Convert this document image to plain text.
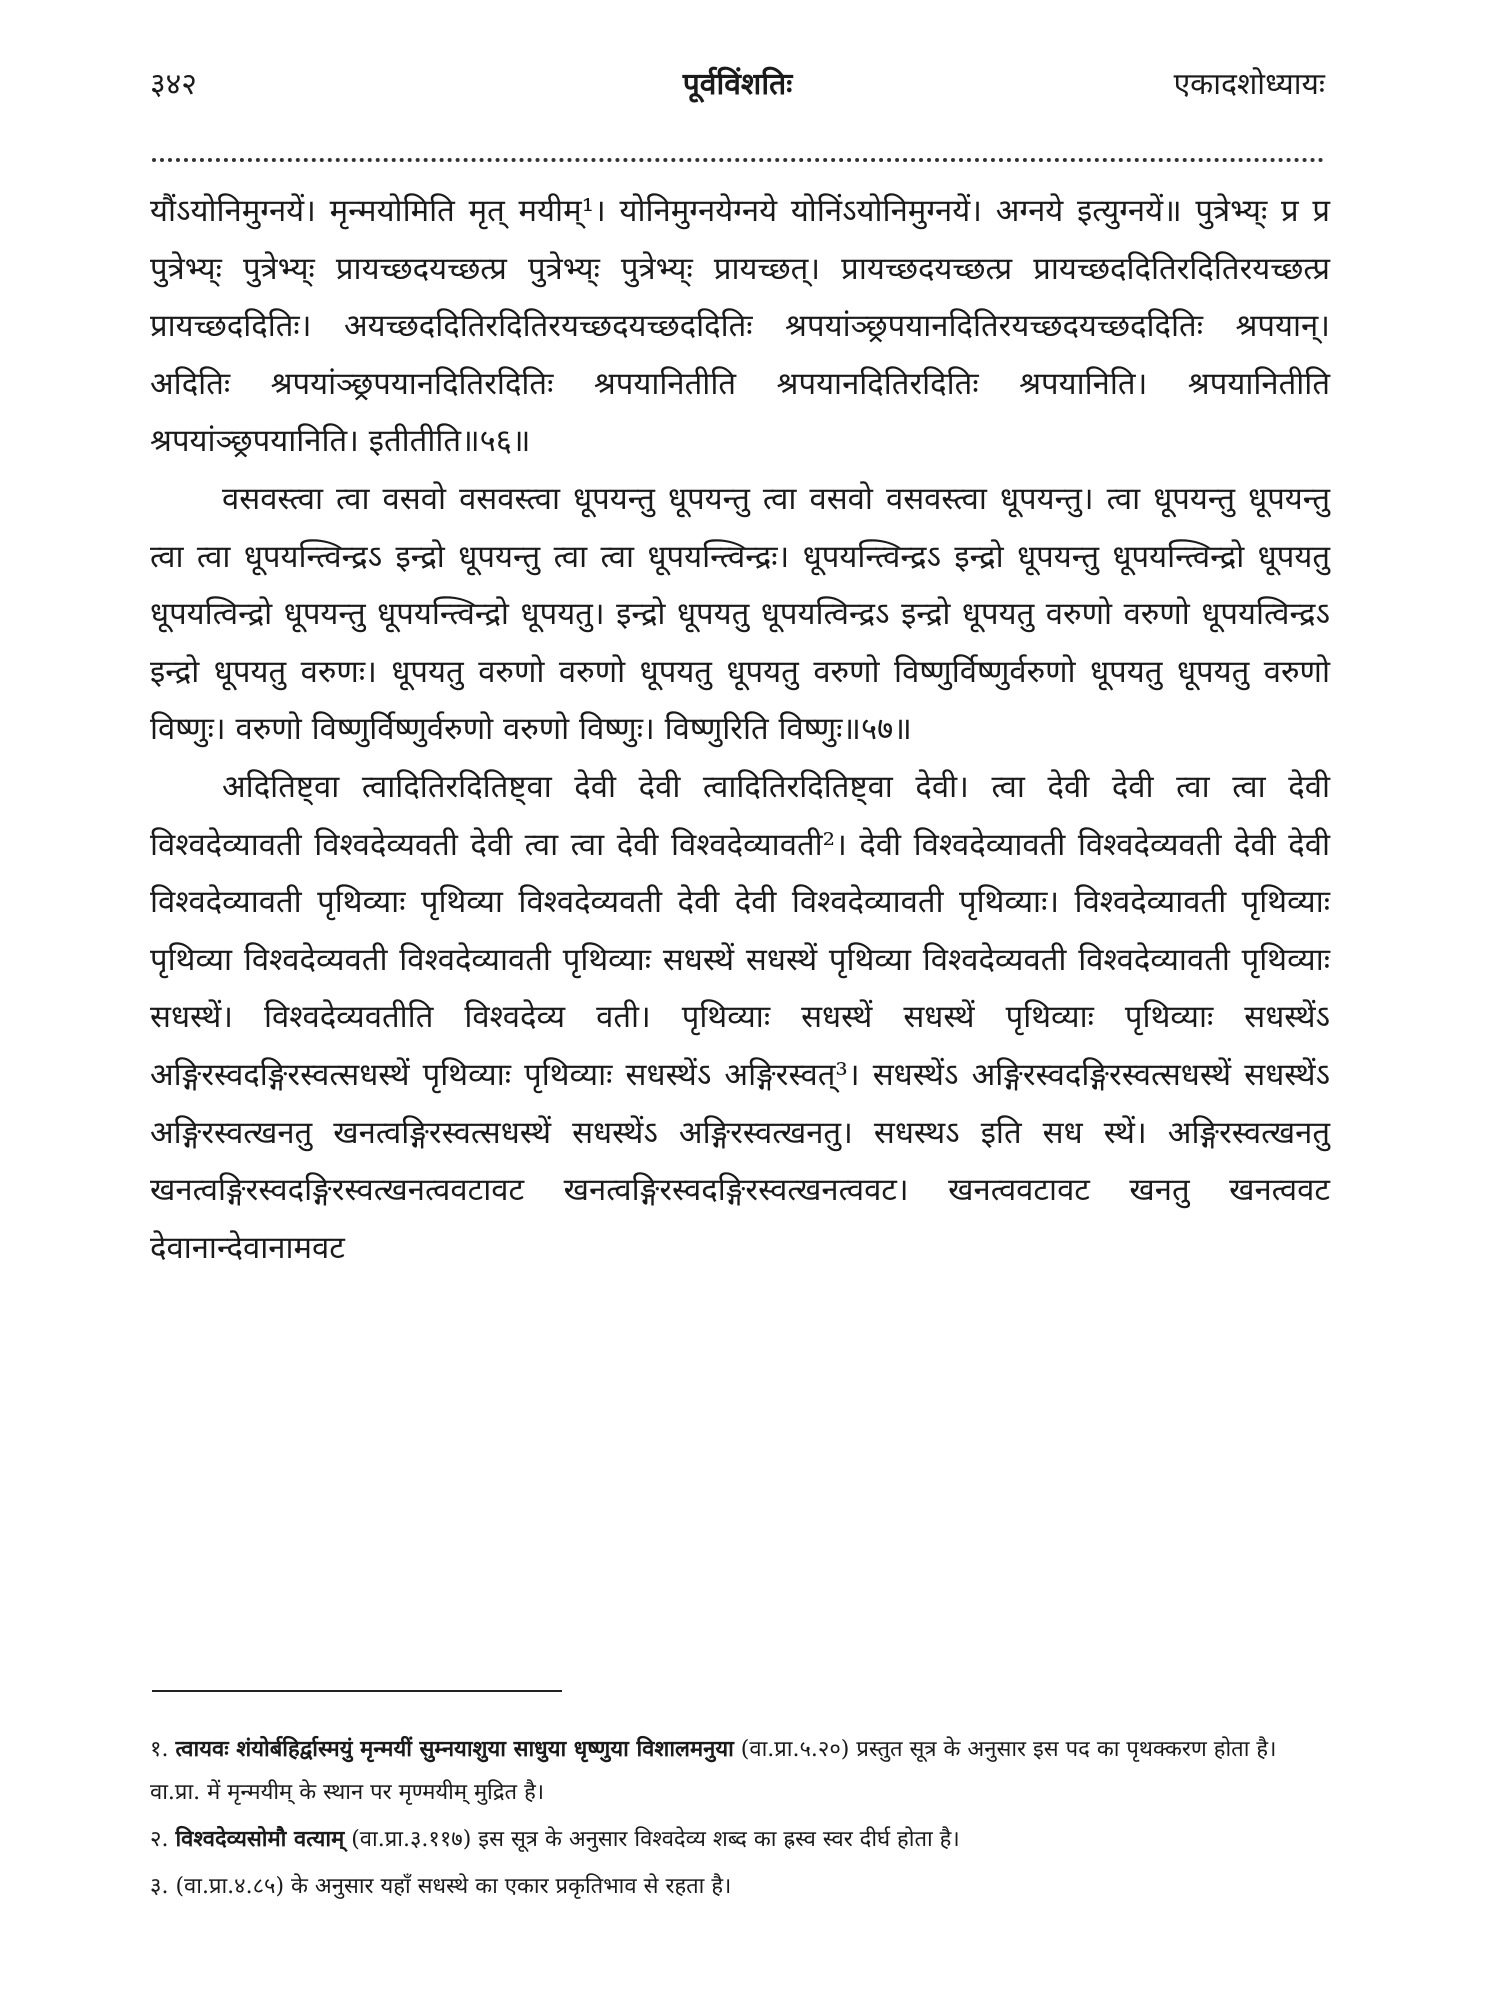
३४२	पूर्वविंशतिः	एकादशोध्यायः

यौंऽयोनिमुग्नयें। मृन्मयोमिति मृत् मयीम्¹। योनिमुग्नयेग्नये योनिंऽयोनिमुग्नयें। अग्नये इत्युग्नयें॥ पुत्रेभ्य्ः प्र प्र पुत्रेभ्य्ः पुत्रेभ्य्ः प्रायच्छदयच्छत्प्र पुत्रेभ्य्ः पुत्रेभ्य्ः प्रायच्छत्। प्रायच्छदयच्छत्प्र प्रायच्छददितिरदितिरयच्छत्प्र प्रायच्छददितिः। अयच्छददितिरदितिरयच्छदयच्छददितिः श्रपयांञ्छ्रपयानदितिरयच्छदयच्छददितिः श्रपयान्। अदितिः श्रपयांञ्छ्रपयानदितिरदितिः श्रपयानितीति श्रपयानदितिरदितिः श्रपयानिति। श्रपयानितीति श्रपयांञ्छ्रपयानिति। इतीतीति॥५६॥

वसवस्त्वा त्वा वसवो वसवस्त्वा धूपयन्तु धूपयन्तु त्वा वसवो वसवस्त्वा धूपयन्तु। त्वा धूपयन्तु धूपयन्तु त्वा त्वा धूपयन्त्विन्द्रऽ इन्द्रो धूपयन्तु त्वा त्वा धूपयन्त्विन्द्रः। धूपयन्त्विन्द्रऽ इन्द्रो धूपयन्तु धूपयन्त्विन्द्रो धूपयतु धूपयत्विन्द्रो धूपयन्तु धूपयन्त्विन्द्रो धूपयतु। इन्द्रो धूपयतु धूपयत्विन्द्रऽ इन्द्रो धूपयतु वरुणो वरुणो धूपयत्विन्द्रऽ इन्द्रो धूपयतु वरुणः। धूपयतु वरुणो वरुणो धूपयतु धूपयतु वरुणो विष्णुर्विष्णुर्वरुणो धूपयतु धूपयतु वरुणो विष्णुः। वरुणो विष्णुर्विष्णुर्वरुणो वरुणो विष्णुः। विष्णुरिति विष्णुः॥५७॥

अदितिष्ट्वा त्वादितिरदितिष्ट्वा देवी देवी त्वादितिरदितिष्ट्वा देवी। त्वा देवी देवी त्वा त्वा देवी विश्वदेव्यावती विश्वदेव्यवती देवी त्वा त्वा देवी विश्वदेव्यावती²। देवी विश्वदेव्यावती विश्वदेव्यवती देवी देवी विश्वदेव्यावती पृथिव्याः पृथिव्या विश्वदेव्यवती देवी देवी विश्वदेव्यावती पृथिव्याः। विश्वदेव्यावती पृथिव्याः पृथिव्या विश्वदेव्यवती विश्वदेव्यावती पृथिव्याः सधस्थें सधस्थें पृथिव्या विश्वदेव्यवती विश्वदेव्यावती पृथिव्याः सधस्थें। विश्वदेव्यवतीति विश्वदेव्य वती। पृथिव्याः सधस्थें सधस्थें पृथिव्याः पृथिव्याः सधस्थेंऽ अङ्गिरस्वदङ्गिरस्वत्सधस्थें पृथिव्याः पृथिव्याः सधस्थेंऽ अङ्गिरस्वत्³। सधस्थेंऽ अङ्गिरस्वदङ्गिरस्वत्सधस्थें सधस्थेंऽ अङ्गिरस्वत्खनतु खनत्वङ्गिरस्वत्सधस्थें सधस्थेंऽ अङ्गिरस्वत्खनतु। सधस्थऽ इति सध स्थें। अङ्गिरस्वत्खनतु खनत्वङ्गिरस्वदङ्गिरस्वत्खनत्ववटावट खनत्वङ्गिरस्वदङ्गिरस्वत्खनत्ववट। खनत्ववटावट खनतु खनत्ववट देवानान्देवानामवट

१. त्वायवः शंयोर्बहिर्द्वास्मयुं मृन्मयीं सुम्नयाशुया साधुया धृष्णुया विशालमनुया (वा.प्रा.५.२०) प्रस्तुत सूत्र के अनुसार इस पद का पृथक्करण होता है। वा.प्रा. में मृन्मयीम् के स्थान पर मृण्मयीम् मुद्रित है।

२. विश्वदेव्यसोमौ वत्याम् (वा.प्रा.३.११७) इस सूत्र के अनुसार विश्वदेव्य शब्द का ह्रस्व स्वर दीर्घ होता है।

३. (वा.प्रा.४.८५) के अनुसार यहाँ सधस्थे का एकार प्रकृतिभाव से रहता है।
